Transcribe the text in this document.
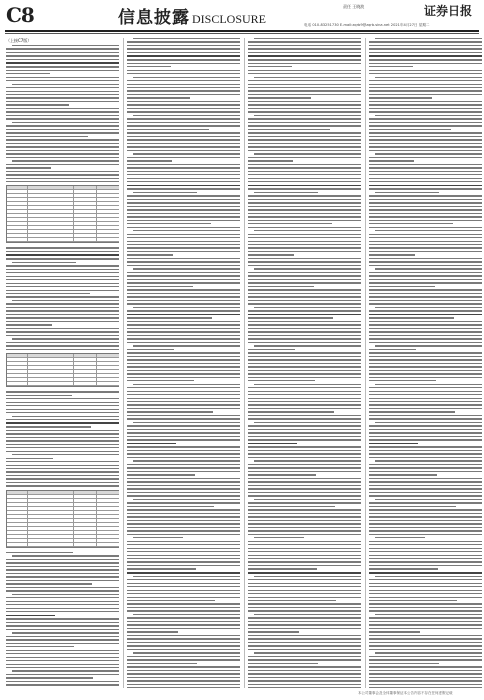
C8	信息披露 DISCLOSURE
责任 王晓波	证券日报
电话 010-83251730 E-mail:zqrb9@zqrb.sina.net 2021年4月27日 星期二
（上接C7版）
本公司董事会及全体董事保证本公告内容不存在任何虚假记载
